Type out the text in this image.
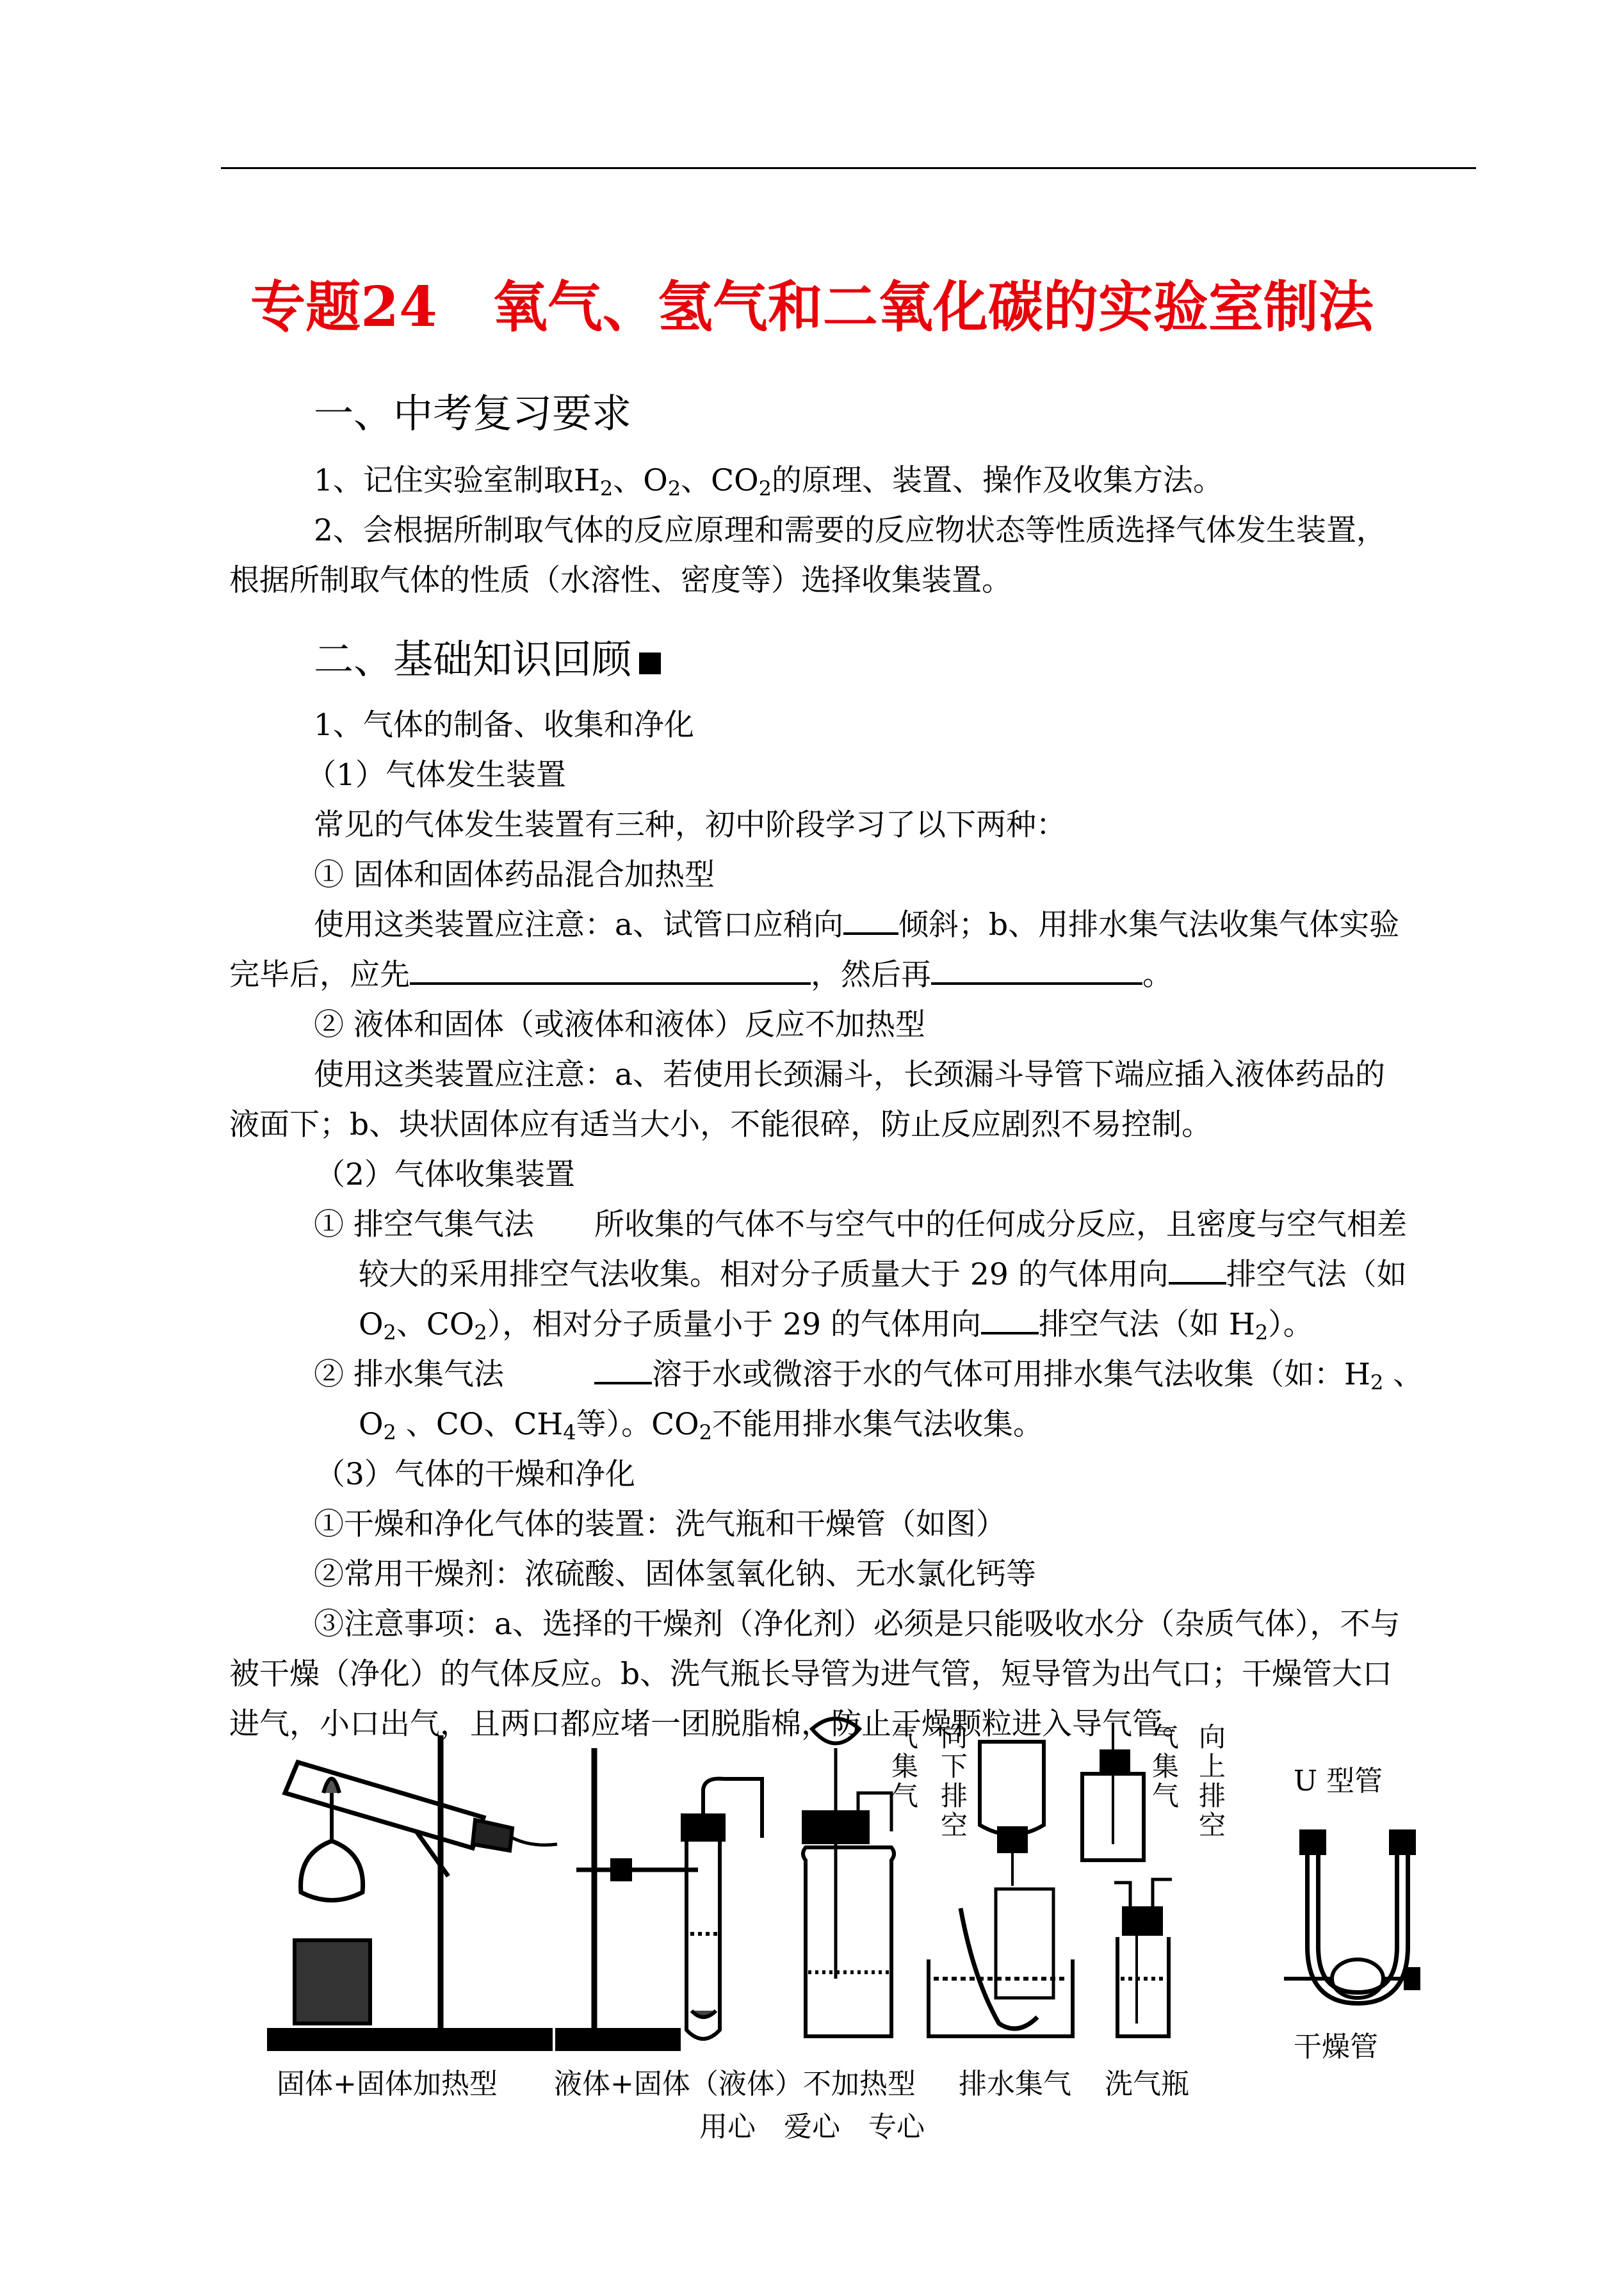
专题24　氧气、氢气和二氧化碳的实验室制法
一、中考复习要求
1、记住实验室制取$H_2$、$O_2$、$CO_2$的原理、装置、操作及收集方法。
2、会根据所制取气体的反应原理和需要的反应物状态等性质选择气体发生装置，
根据所制取气体的性质（水溶性、密度等）选择收集装置。
二、基础知识回顾
1、气体的制备、收集和净化
（1）气体发生装置
常见的气体发生装置有三种，初中阶段学习了以下两种：
① 固体和固体药品混合加热型
使用这类装置应注意：a、试管口应稍向 倾斜；b、用排水集气法收集气体实验
完毕后，应先	，然后再	。
② 液体和固体（或液体和液体）反应不加热型
使用这类装置应注意：a、若使用长颈漏斗，长颈漏斗导管下端应插入液体药品的
液面下；b、块状固体应有适当大小，不能很碎，防止反应剧烈不易控制。
（2）气体收集装置
① 排空气集气法　　所收集的气体不与空气中的任何成分反应，且密度与空气相差
较大的采用排空气法收集。相对分子质量大于 29 的气体用向 排空气法（如
$O_2$、$CO_2$），相对分子质量小于 29 的气体用向 排空气法（如 $H_2$）。
② 排水集气法　　　溶于水或微溶于水的气体可用排水集气法收集（如：$H_2$ 、
$O_2$ 、CO、$CH_4$等）。$CO_2$不能用排水集气法收集。
（3）气体的干燥和净化
①干燥和净化气体的装置：洗气瓶和干燥管（如图）
②常用干燥剂：浓硫酸、固体氢氧化钠、无水氯化钙等
③注意事项：a、选择的干燥剂（净化剂）必须是只能吸收水分（杂质气体），不与
被干燥（净化）的气体反应。b、洗气瓶长导管为进气管，短导管为出气口；干燥管大口
进气，小口出气，且两口都应堵一团脱脂棉，防止干燥颗粒进入导气管。
气集气 向下排空	气集气 向上排空 U 型管
干燥管
固体+固体加热型 液体+固体（液体）不加热型 排水集气 洗气瓶
用心　爱心　专心
